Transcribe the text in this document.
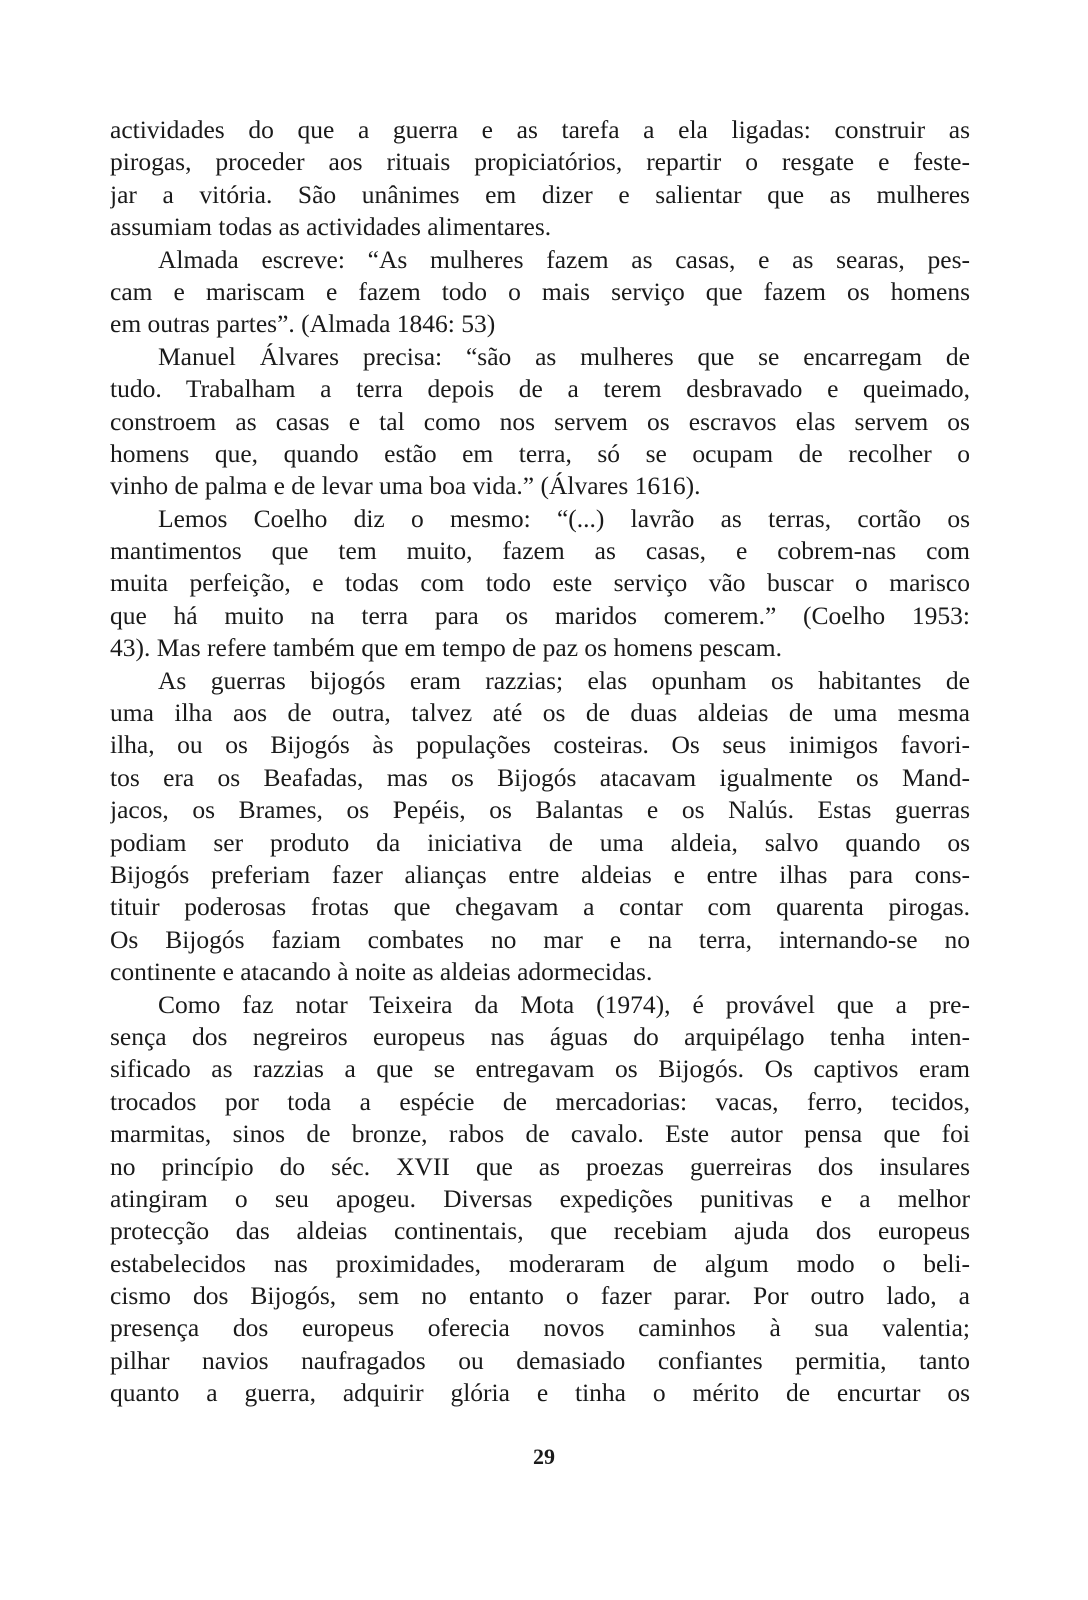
actividades do que a guerra e as tarefa a ela ligadas: construir as
pirogas, proceder aos rituais propiciatórios, repartir o resgate e feste-
jar a vitória. São unânimes em dizer e salientar que as mulheres
assumiam todas as actividades alimentares.
Almada escreve: “As mulheres fazem as casas, e as searas, pes-
cam e mariscam e fazem todo o mais serviço que fazem os homens
em outras partes”. (Almada 1846: 53)
Manuel Álvares precisa: “são as mulheres que se encarregam de
tudo. Trabalham a terra depois de a terem desbravado e queimado,
constroem as casas e tal como nos servem os escravos elas servem os
homens que, quando estão em terra, só se ocupam de recolher o
vinho de palma e de levar uma boa vida.” (Álvares 1616).
Lemos Coelho diz o mesmo: “(...) lavrão as terras, cortão os
mantimentos que tem muito, fazem as casas, e cobrem-nas com
muita perfeição, e todas com todo este serviço vão buscar o marisco
que há muito na terra para os maridos comerem.” (Coelho 1953:
43). Mas refere também que em tempo de paz os homens pescam.
As guerras bijogós eram razzias; elas opunham os habitantes de
uma ilha aos de outra, talvez até os de duas aldeias de uma mesma
ilha, ou os Bijogós às populações costeiras. Os seus inimigos favori-
tos era os Beafadas, mas os Bijogós atacavam igualmente os Mand-
jacos, os Brames, os Pepéis, os Balantas e os Nalús. Estas guerras
podiam ser produto da iniciativa de uma aldeia, salvo quando os
Bijogós preferiam fazer alianças entre aldeias e entre ilhas para cons-
tituir poderosas frotas que chegavam a contar com quarenta pirogas.
Os Bijogós faziam combates no mar e na terra, internando-se no
continente e atacando à noite as aldeias adormecidas.
Como faz notar Teixeira da Mota (1974), é provável que a pre-
sença dos negreiros europeus nas águas do arquipélago tenha inten-
sificado as razzias a que se entregavam os Bijogós. Os captivos eram
trocados por toda a espécie de mercadorias: vacas, ferro, tecidos,
marmitas, sinos de bronze, rabos de cavalo. Este autor pensa que foi
no princípio do séc. XVII que as proezas guerreiras dos insulares
atingiram o seu apogeu. Diversas expedições punitivas e a melhor
protecção das aldeias continentais, que recebiam ajuda dos europeus
estabelecidos nas proximidades, moderaram de algum modo o beli-
cismo dos Bijogós, sem no entanto o fazer parar. Por outro lado, a
presença dos europeus oferecia novos caminhos à sua valentia;
pilhar navios naufragados ou demasiado confiantes permitia, tanto
quanto a guerra, adquirir glória e tinha o mérito de encurtar os
29
